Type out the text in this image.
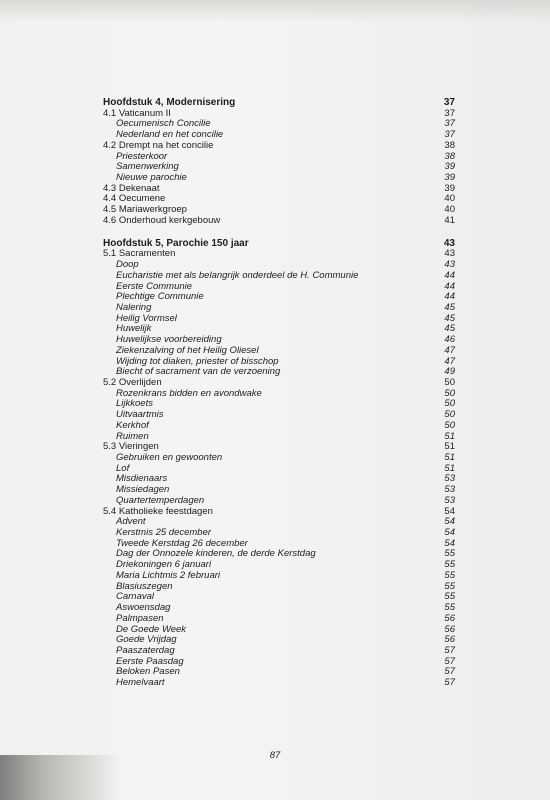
Hoofdstuk 4, Modernisering	37
4.1 Vaticanum II	37
Oecumenisch Concilie	37
Nederland en het concilie	37
4.2 Drempt na het concilie	38
Priesterkoor	38
Samenwerking	39
Nieuwe parochie	39
4.3 Dekenaat	39
4.4 Oecumene	40
4.5 Mariawerkgroep	40
4.6 Onderhoud kerkgebouw	41
Hoofdstuk 5, Parochie 150 jaar	43
5.1 Sacramenten	43
Doop	43
Eucharistie met als belangrijk onderdeel de H. Communie	44
Eerste Communie	44
Plechtige Communie	44
Nalering	45
Heilig Vormsel	45
Huwelijk	45
Huwelijkse voorbereiding	46
Ziekenzalving of het Heilig Oliesel	47
Wijding tot diaken, priester of bisschop	47
Biecht of sacrament van de verzoening	49
5.2 Overlijden	50
Rozenkrans bidden en avondwake	50
Lijkkoets	50
Uitvaartmis	50
Kerkhof	50
Ruimen	51
5.3 Vieringen	51
Gebruiken en gewoonten	51
Lof	51
Misdienaars	53
Missiedagen	53
Quartertemperdagen	53
5.4 Katholieke feestdagen	54
Advent	54
Kerstmis 25 december	54
Tweede Kerstdag 26 december	54
Dag der Onnozele kinderen, de derde Kerstdag	55
Driekoningen 6 januari	55
Maria Lichtmis 2 februari	55
Blasiuszegen	55
Carnaval	55
Aswoensdag	55
Palmpasen	56
De Goede Week	56
Goede Vrijdag	56
Paaszaterdag	57
Eerste Paasdag	57
Beloken Pasen	57
Hemelvaart	57
87
